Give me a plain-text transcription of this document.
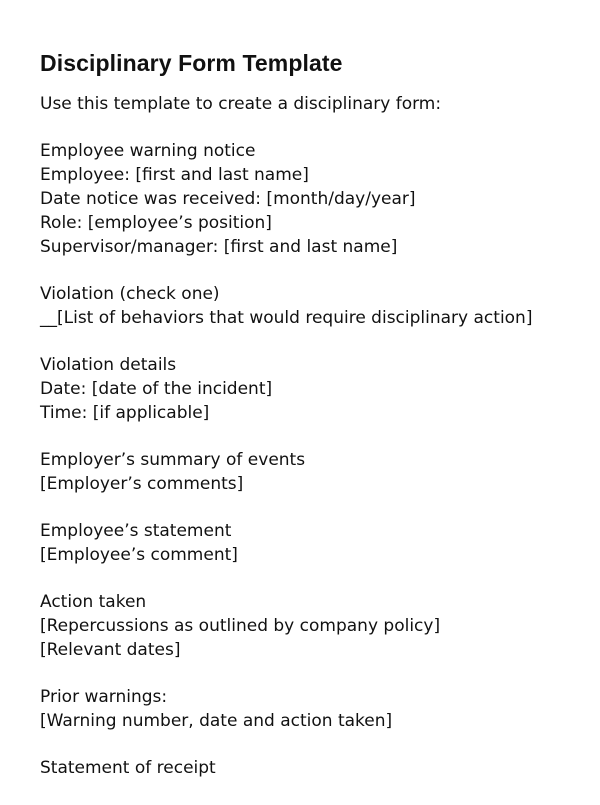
Disciplinary Form Template
Use this template to create a disciplinary form:
Employee warning notice
Employee: [first and last name]
Date notice was received: [month/day/year]
Role: [employee’s position]
Supervisor/manager: [first and last name]
Violation (check one)
__[List of behaviors that would require disciplinary action]
Violation details
Date: [date of the incident]
Time: [if applicable]
Employer’s summary of events
[Employer’s comments]
Employee’s statement
[Employee’s comment]
Action taken
[Repercussions as outlined by company policy]
[Relevant dates]
Prior warnings:
[Warning number, date and action taken]
Statement of receipt
